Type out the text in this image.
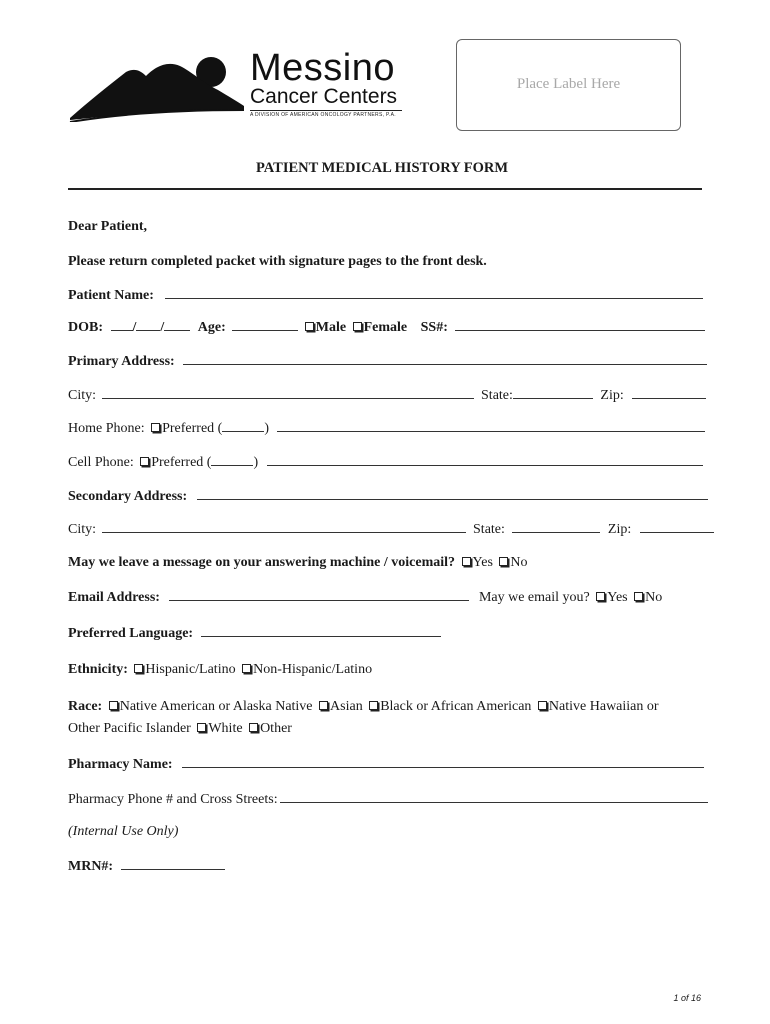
Messino
Cancer Centers
A DIVISION OF AMERICAN ONCOLOGY PARTNERS, P.A.
Place Label Here
PATIENT MEDICAL HISTORY FORM
Dear Patient,
Please return completed packet with signature pages to the front desk.
Patient Name:
DOB: / / Age:	Male Female SS#:
Primary Address:
City:	State:	Zip:
Home Phone: Preferred (	)
Cell Phone: Preferred (	)
Secondary Address:
City:	State:	Zip:
May we leave a message on your answering machine / voicemail? Yes No
Email Address:	May we email you? Yes No
Preferred Language:
Ethnicity: Hispanic/Latino Non-Hispanic/Latino
Race: Native American or Alaska Native Asian Black or African American Native Hawaiian or
Other Pacific Islander White Other
Pharmacy Name:
Pharmacy Phone # and Cross Streets:
(Internal Use Only)
MRN#:
1 of 16
